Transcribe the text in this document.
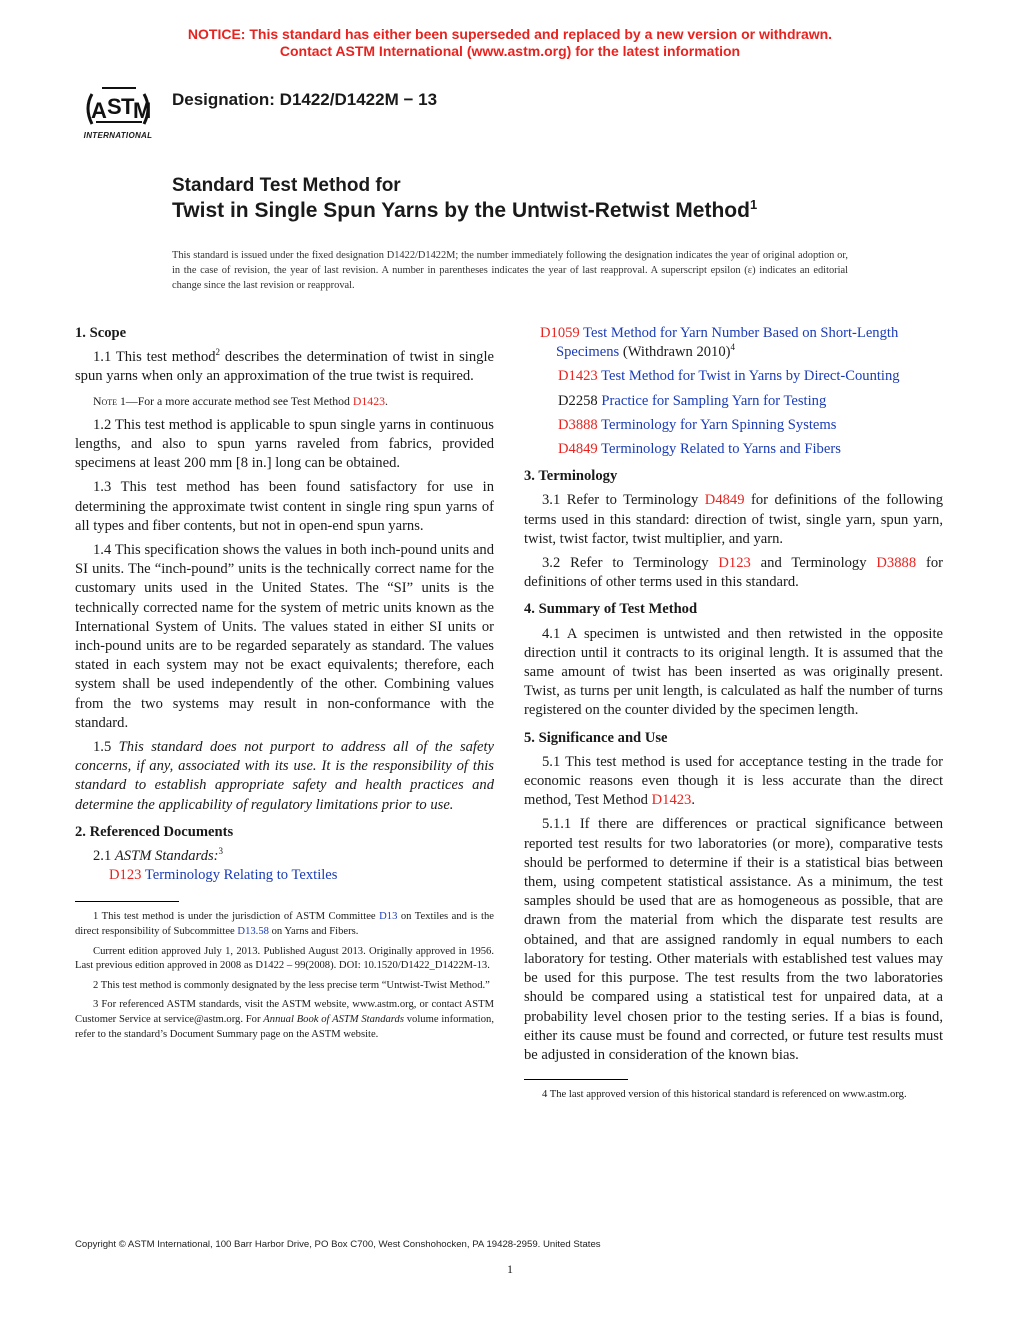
NOTICE: This standard has either been superseded and replaced by a new version or withdrawn.
Contact ASTM International (www.astm.org) for the latest information
A S T
M
INTERNATIONAL
Designation: D1422/D1422M − 13
Standard Test Method for
Twist in Single Spun Yarns by the Untwist-Retwist Method$^1$
This standard is issued under the fixed designation D1422/D1422M; the number immediately following the designation indicates the year of original adoption or, in the case of revision, the year of last revision. A number in parentheses indicates the year of last reapproval. A superscript epsilon (ε) indicates an editorial change since the last revision or reapproval.
1. Scope

1.1 This test method$^2$ describes the determination of twist in single spun yarns when only an approximation of the true twist is required.

Note 1—For a more accurate method see Test Method D1423.

1.2 This test method is applicable to spun single yarns in continuous lengths, and also to spun yarns raveled from fabrics, provided specimens at least 200 mm [8 in.] long can be obtained.

1.3 This test method has been found satisfactory for use in determining the approximate twist content in single ring spun yarns of all types and fiber contents, but not in open-end spun yarns.

1.4 This specification shows the values in both inch-pound units and SI units. The “inch-pound” units is the technically correct name for the customary units used in the United States. The “SI” units is the technically corrected name for the system of metric units known as the International System of Units. The values stated in either SI units or inch-pound units are to be regarded separately as standard. The values stated in each system may not be exact equivalents; therefore, each system shall be used independently of the other. Combining values from the two systems may result in non-conformance with the standard.

1.5 This standard does not purport to address all of the safety concerns, if any, associated with its use. It is the responsibility of this standard to establish appropriate safety and health practices and determine the applicability of regulatory limitations prior to use.

2. Referenced Documents

2.1 ASTM Standards:$^3$

D123 Terminology Relating to Textiles

1 This test method is under the jurisdiction of ASTM Committee D13 on Textiles and is the direct responsibility of Subcommittee D13.58 on Yarns and Fibers.

Current edition approved July 1, 2013. Published August 2013. Originally approved in 1956. Last previous edition approved in 2008 as D1422 – 99(2008). DOI: 10.1520/D1422_D1422M-13.

2 This test method is commonly designated by the less precise term “Untwist-Twist Method.”

3 For referenced ASTM standards, visit the ASTM website, www.astm.org, or contact ASTM Customer Service at service@astm.org. For Annual Book of ASTM Standards volume information, refer to the standard’s Document Summary page on the ASTM website.

D1059 Test Method for Yarn Number Based on Short-Length Specimens (Withdrawn 2010)$^4$

D1423 Test Method for Twist in Yarns by Direct-Counting

D2258 Practice for Sampling Yarn for Testing

D3888 Terminology for Yarn Spinning Systems

D4849 Terminology Related to Yarns and Fibers

3. Terminology

3.1 Refer to Terminology D4849 for definitions of the following terms used in this standard: direction of twist, single yarn, spun yarn, twist, twist factor, twist multiplier, and yarn.

3.2 Refer to Terminology D123 and Terminology D3888 for definitions of other terms used in this standard.

4. Summary of Test Method

4.1 A specimen is untwisted and then retwisted in the opposite direction until it contracts to its original length. It is assumed that the same amount of twist has been inserted as was originally present. Twist, as turns per unit length, is calculated as half the number of turns registered on the counter divided by the specimen length.

5. Significance and Use

5.1 This test method is used for acceptance testing in the trade for economic reasons even though it is less accurate than the direct method, Test Method D1423.

5.1.1 If there are differences or practical significance between reported test results for two laboratories (or more), comparative tests should be performed to determine if their is a statistical bias between them, using competent statistical assistance. As a minimum, the test samples should be used that are as homogeneous as possible, that are drawn from the material from which the disparate test results are obtained, and that are assigned randomly in equal numbers to each laboratory for testing. Other materials with established test values may be used for this purpose. The test results from the two laboratories should be compared using a statistical test for unpaired data, at a probability level chosen prior to the testing series. If a bias is found, either its cause must be found and corrected, or future test results must be adjusted in consideration of the known bias.

4 The last approved version of this historical standard is referenced on www.astm.org.

Copyright © ASTM International, 100 Barr Harbor Drive, PO Box C700, West Conshohocken, PA 19428-2959. United States
1
